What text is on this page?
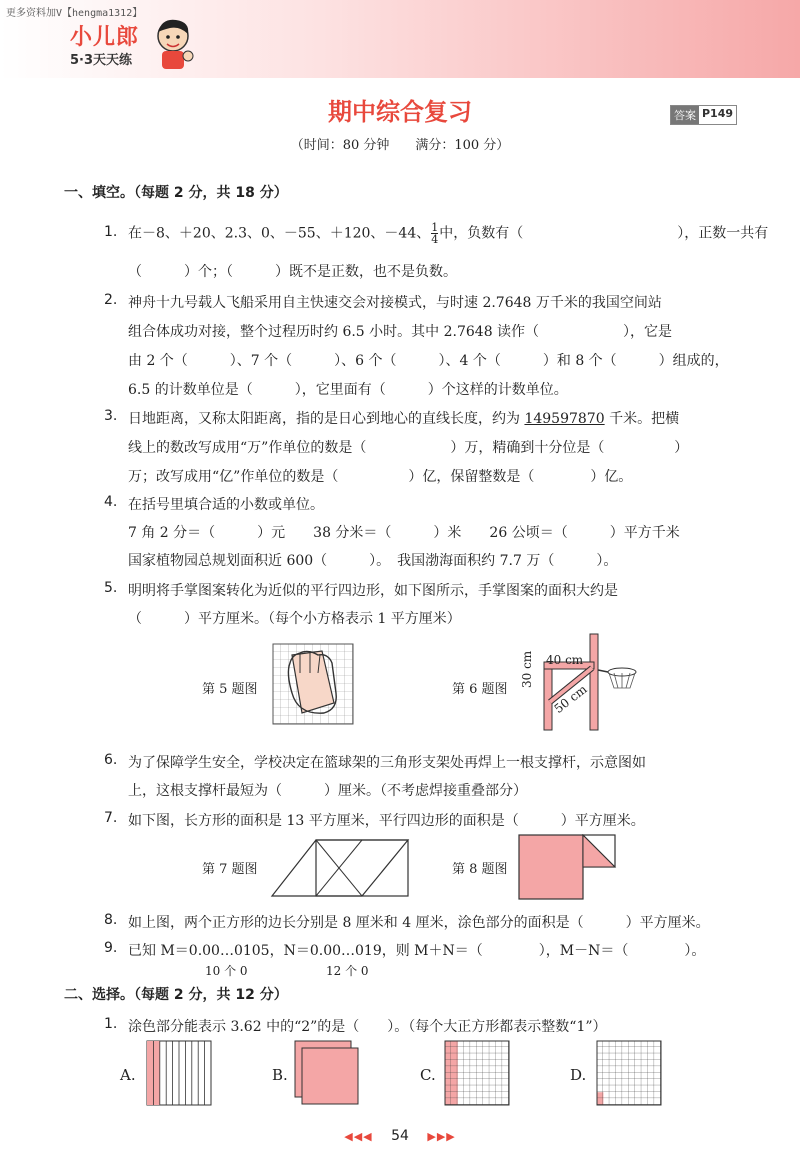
更多资料加V【hengma1312】
小儿郎
5·3天天练
期中综合复习	答案 P149
（时间：80 分钟　　满分：100 分）
一、填空。（每题 2 分，共 18 分）
1. 在－8、＋20、2.3、0、－55、＋120、－44、 $\frac{1}{4}$ 中，负数有（　　　　　　　　　　　），正数一共有
（　　　）个；（　　　）既不是正数，也不是负数。
2. 神舟十九号载人飞船采用自主快速交会对接模式，与时速 2.7648 万千米的我国空间站
组合体成功对接，整个过程历时约 6.5 小时。其中 2.7648 读作（　　　　　　），它是
由 2 个（　　　）、7 个（　　　）、6 个（　　　）、4 个（　　　）和 8 个（　　　）组成的，
6.5 的计数单位是（　　　），它里面有（　　　）个这样的计数单位。
3. 日地距离，又称太阳距离，指的是日心到地心的直线长度，约为 149597870 千米。把横
线上的数改写成用“万”作单位的数是（　　　　　　）万，精确到十分位是（　　　　　）
万；改写成用“亿”作单位的数是（　　　　　）亿，保留整数是（　　　　）亿。
4. 在括号里填合适的小数或单位。
7 角 2 分＝（　　　）元　　38 分米＝（　　　）米　　26 公顷＝（　　　）平方千米
国家植物园总规划面积近 600（　　　）。　我国渤海面积约 7.7 万（　　　）。
5. 明明将手掌图案转化为近似的平行四边形，如下图所示，手掌图案的面积大约是
（　　　）平方厘米。（每个小方格表示 1 平方厘米）
第 5 题图	第 6 题图
40 cm
30 cm
50 cm
6. 为了保障学生安全，学校决定在篮球架的三角形支架处再焊上一根支撑杆，示意图如
上，这根支撑杆最短为（　　　）厘米。（不考虑焊接重叠部分）
7. 如下图，长方形的面积是 13 平方厘米，平行四边形的面积是（　　　）平方厘米。
第 7 题图	第 8 题图
8. 如上图，两个正方形的边长分别是 8 厘米和 4 厘米，涂色部分的面积是（　　　）平方厘米。
9. 已知 M＝0.00…0105，N＝0.00…019，则 M＋N＝（　　　　），M－N＝（　　　　）。
10 个 0	12 个 0
二、选择。（每题 2 分，共 12 分）
1. 涂色部分能表示 3.62 中的“2”的是（　　）。（每个大正方形都表示整数“1”）
A.	B.	C.	D.
◀◀◀ 54 ▶▶▶
